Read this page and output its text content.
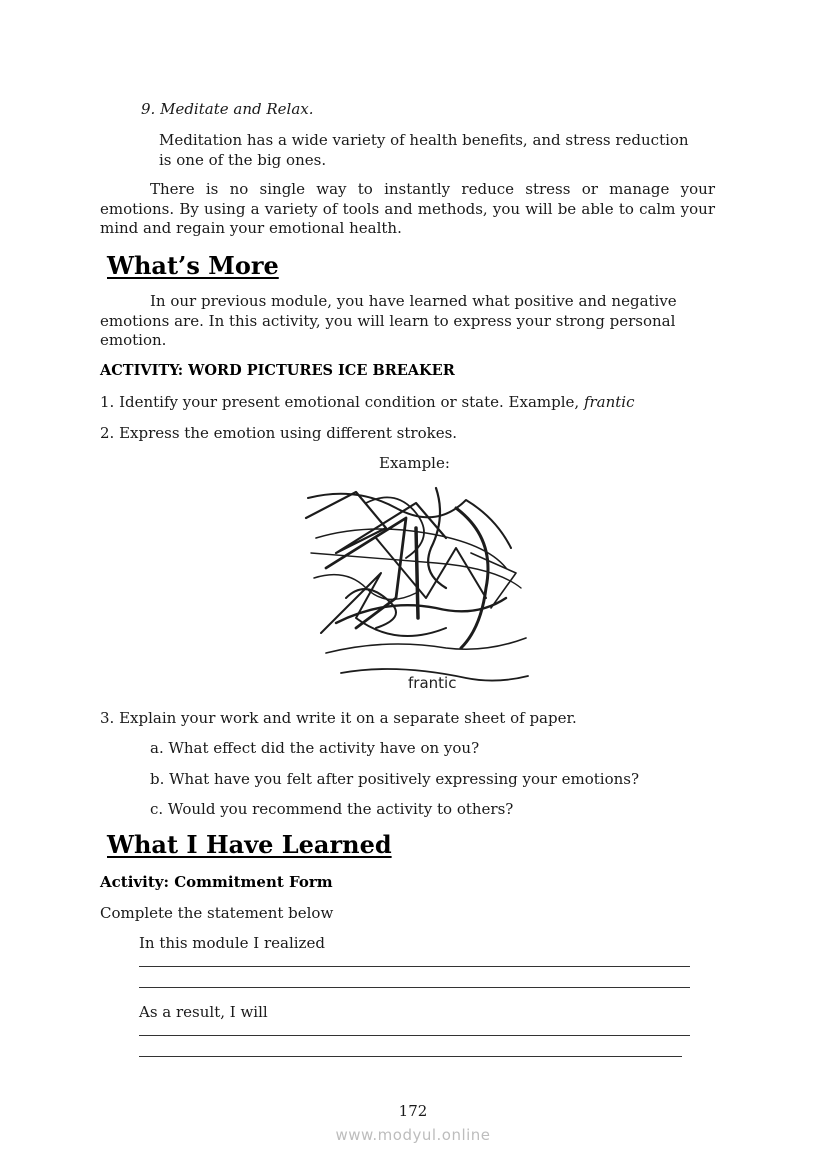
9. Meditate and Relax.
Meditation has a wide variety of health benefits, and stress reduction is one of the big ones.
There is no single way to instantly reduce stress or manage your emotions. By using a variety of tools and methods, you will be able to calm your mind and regain your emotional health.
What’s More
In our previous module, you have learned what positive and negative emotions are. In this activity, you will learn to express your strong personal emotion.
ACTIVITY: WORD PICTURES ICE BREAKER
1. Identify your present emotional condition or state. Example, frantic
2. Express the emotion using different strokes.
Example:
frantic
3. Explain your work and write it on a separate sheet of paper.
a. What effect did the activity have on you?
b. What have you felt after positively expressing your emotions?
c. Would you recommend the activity to others?
What I Have Learned
Activity: Commitment Form
Complete the statement below
In this module I realized
As a result, I will
172
www.modyul.online
